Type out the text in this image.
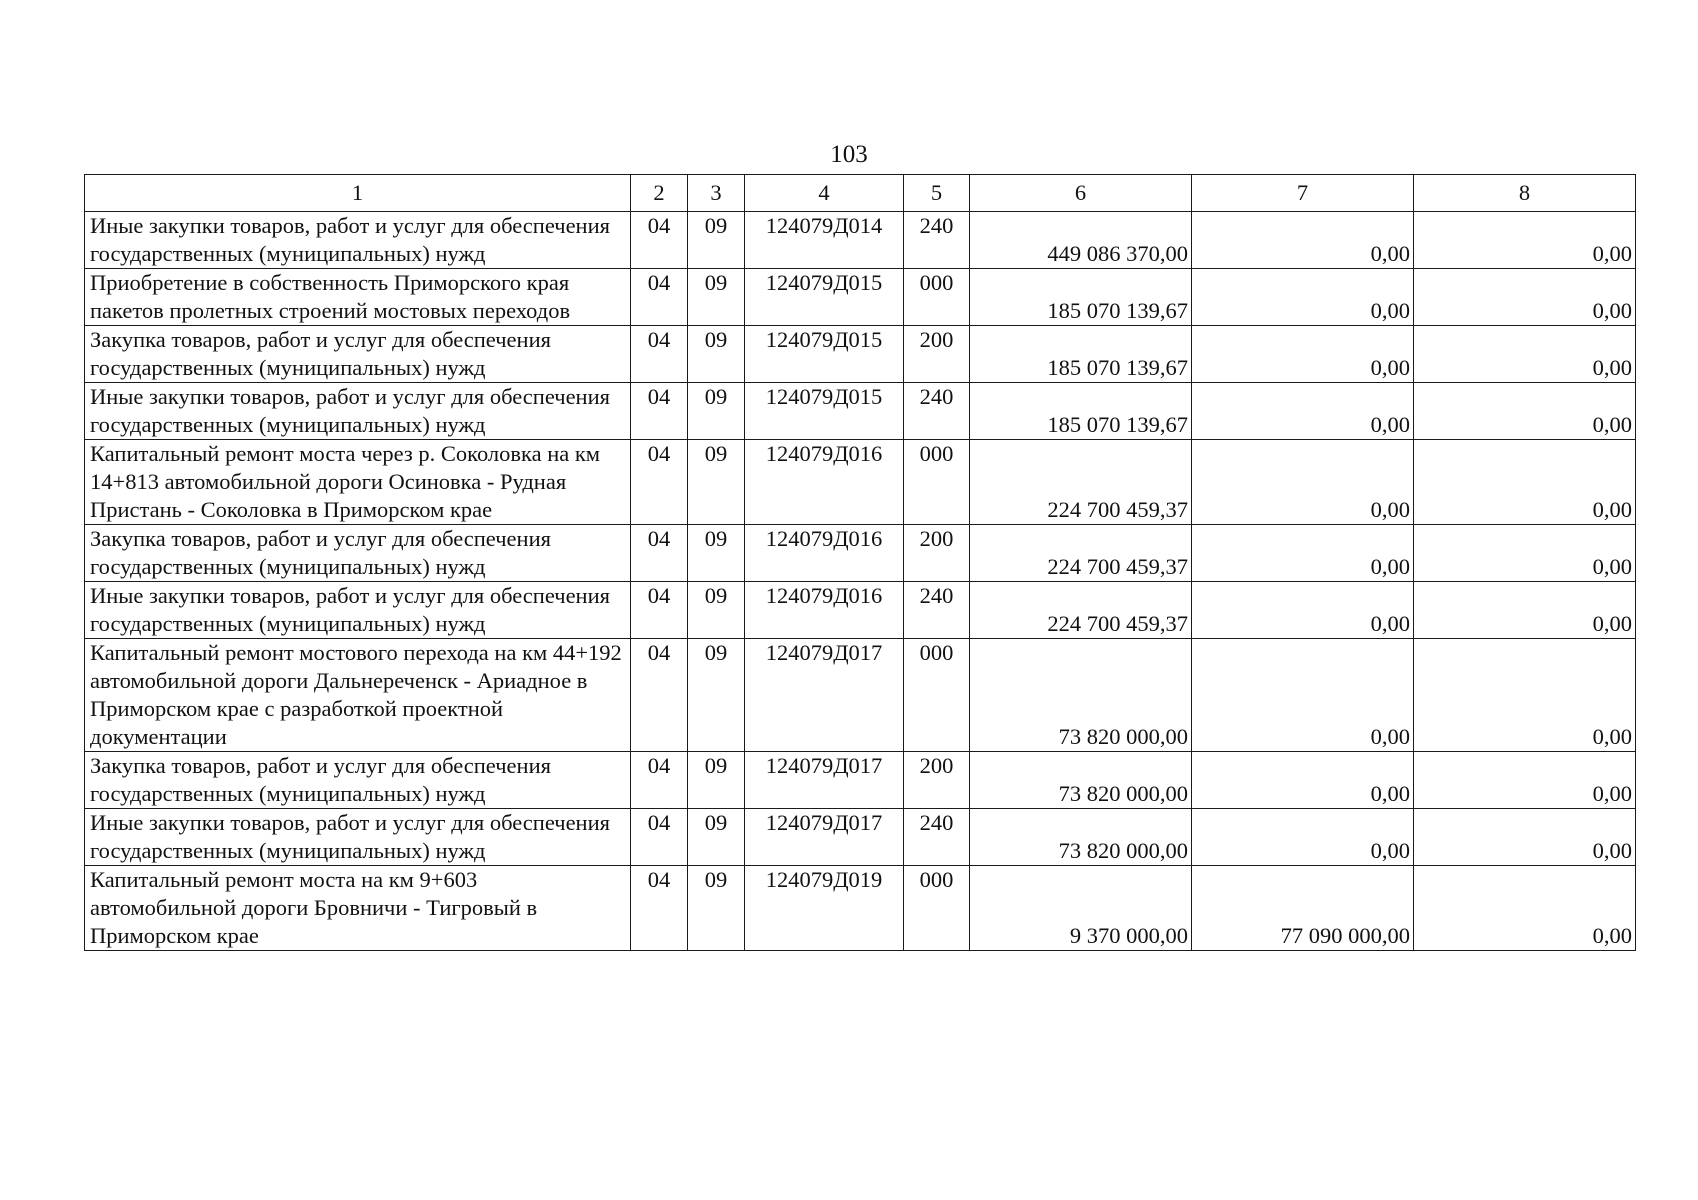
103
1	2	3	4	5	6	7	8
Иные закупки товаров, работ и услуг для обеспечения государственных (муниципальных) нужд	04	09	124079Д014	240	449 086 370,00	0,00	0,00
Приобретение в собственность Приморского края пакетов пролетных строений мостовых переходов	04	09	124079Д015	000	185 070 139,67	0,00	0,00
Закупка товаров, работ и услуг для обеспечения государственных (муниципальных) нужд	04	09	124079Д015	200	185 070 139,67	0,00	0,00
Иные закупки товаров, работ и услуг для обеспечения государственных (муниципальных) нужд	04	09	124079Д015	240	185 070 139,67	0,00	0,00
Капитальный ремонт моста через р. Соколовка на км 14+813 автомобильной дороги Осиновка - Рудная Пристань - Соколовка в Приморском крае	04	09	124079Д016	000	224 700 459,37	0,00	0,00
Закупка товаров, работ и услуг для обеспечения государственных (муниципальных) нужд	04	09	124079Д016	200	224 700 459,37	0,00	0,00
Иные закупки товаров, работ и услуг для обеспечения государственных (муниципальных) нужд	04	09	124079Д016	240	224 700 459,37	0,00	0,00
Капитальный ремонт мостового перехода на км 44+192 автомобильной дороги Дальнереченск - Ариадное в Приморском крае с разработкой проектной документации	04	09	124079Д017	000	73 820 000,00	0,00	0,00
Закупка товаров, работ и услуг для обеспечения государственных (муниципальных) нужд	04	09	124079Д017	200	73 820 000,00	0,00	0,00
Иные закупки товаров, работ и услуг для обеспечения государственных (муниципальных) нужд	04	09	124079Д017	240	73 820 000,00	0,00	0,00
Капитальный ремонт моста на км 9+603 автомобильной дороги Бровничи - Тигровый в Приморском крае	04	09	124079Д019	000	9 370 000,00	77 090 000,00	0,00
